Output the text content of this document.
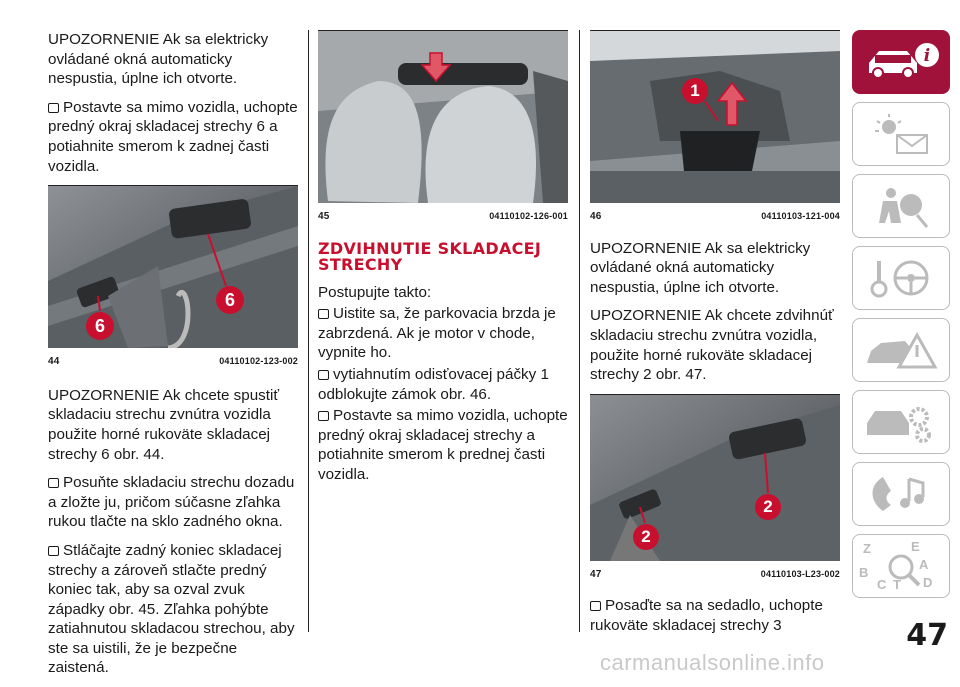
UPOZORNENIE Ak sa elektricky ovládané okná automaticky nespustia, úplne ich otvorte.

Postavte sa mimo vozidla, uchopte predný okraj skladacej strechy 6 a potiahnite smerom k zadnej časti vozidla.

6
6
44	04110102-123-002

UPOZORNENIE Ak chcete spustiť skladaciu strechu zvnútra vozidla použite horné rukoväte skladacej strechy 6 obr. 44.

Posuňte skladaciu strechu dozadu a zložte ju, pričom súčasne zľahka rukou tlačte na sklo zadného okna.

Stláčajte zadný koniec skladacej strechy a zároveň stlačte predný koniec tak, aby sa ozval zvuk západky obr. 45. Zľahka pohýbte zatiahnutou skladacou strechou, aby ste sa uistili, že je bezpečne zaistená.

45	04110102-126-001
ZDVIHNUTIE SKLADACEJ STRECHY

Postupujte takto:

Uistite sa, že parkovacia brzda je zabrzdená. Ak je motor v chode, vypnite ho.

vytiahnutím odisťovacej páčky 1 odblokujte zámok obr. 46.

Postavte sa mimo vozidla, uchopte predný okraj skladacej strechy a potiahnite smerom k prednej časti vozidla.

1
46	04110103-121-004

UPOZORNENIE Ak sa elektricky ovládané okná automaticky nespustia, úplne ich otvorte.

UPOZORNENIE Ak chcete zdvihnúť skladaciu strechu zvnútra vozidla, použite horné rukoväte skladacej strechy 2 obr. 47.

2
2
47	04110103-L23-002

Posaďte sa na sedadlo, uchopte rukoväte skladacej strechy 3

i
Z	E
A
B
C	D
T
47
carmanualsonline.info
